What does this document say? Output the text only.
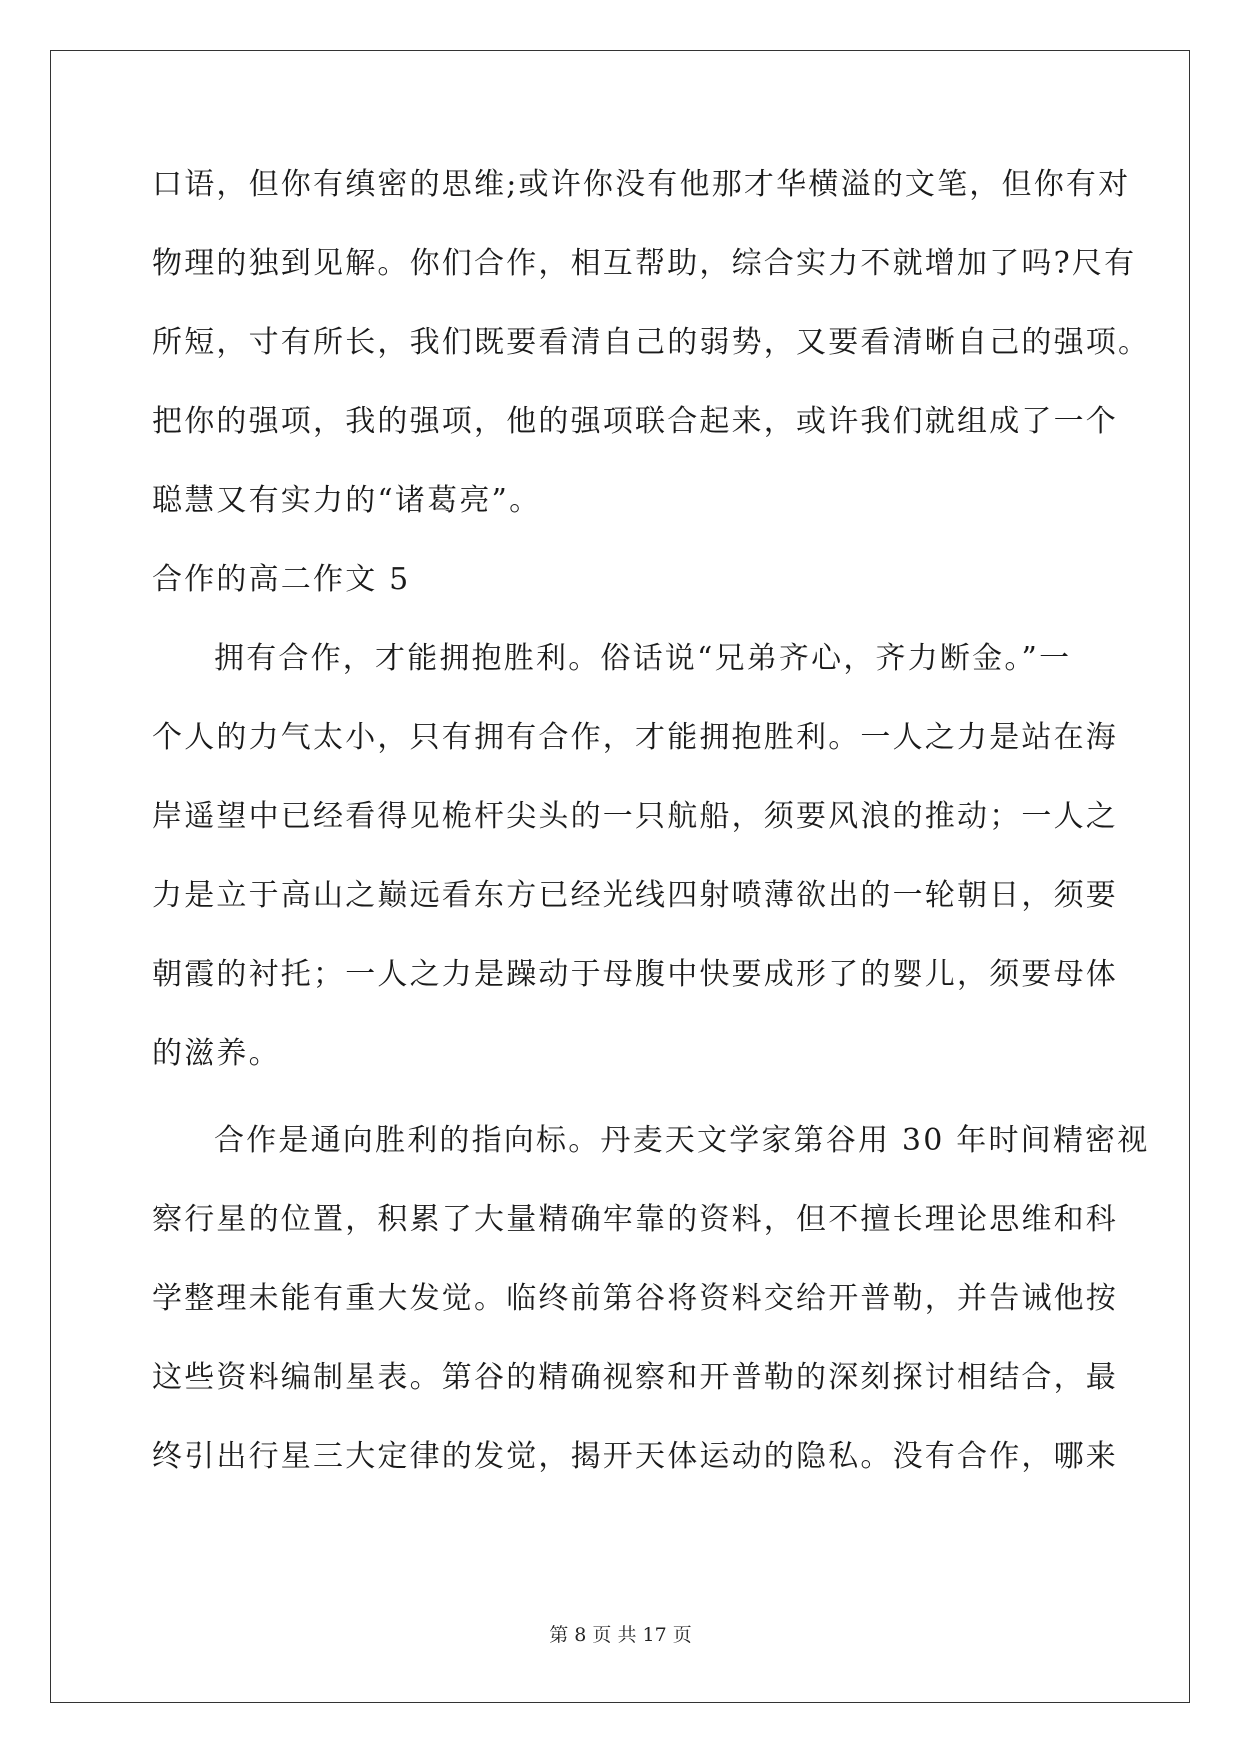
口语，但你有缜密的思维;或许你没有他那才华横溢的文笔，但你有对
物理的独到见解。你们合作，相互帮助，综合实力不就增加了吗?尺有
所短，寸有所长，我们既要看清自己的弱势，又要看清晰自己的强项。
把你的强项，我的强项，他的强项联合起来，或许我们就组成了一个
聪慧又有实力的“诸葛亮”。
合作的高二作文 5
拥有合作，才能拥抱胜利。俗话说“兄弟齐心，齐力断金。”一
个人的力气太小，只有拥有合作，才能拥抱胜利。一人之力是站在海
岸遥望中已经看得见桅杆尖头的一只航船，须要风浪的推动；一人之
力是立于高山之巅远看东方已经光线四射喷薄欲出的一轮朝日，须要
朝霞的衬托；一人之力是躁动于母腹中快要成形了的婴儿，须要母体
的滋养。
合作是通向胜利的指向标。丹麦天文学家第谷用 30 年时间精密视
察行星的位置，积累了大量精确牢靠的资料，但不擅长理论思维和科
学整理未能有重大发觉。临终前第谷将资料交给开普勒，并告诫他按
这些资料编制星表。第谷的精确视察和开普勒的深刻探讨相结合，最
终引出行星三大定律的发觉，揭开天体运动的隐私。没有合作，哪来
第 8 页 共 17 页
